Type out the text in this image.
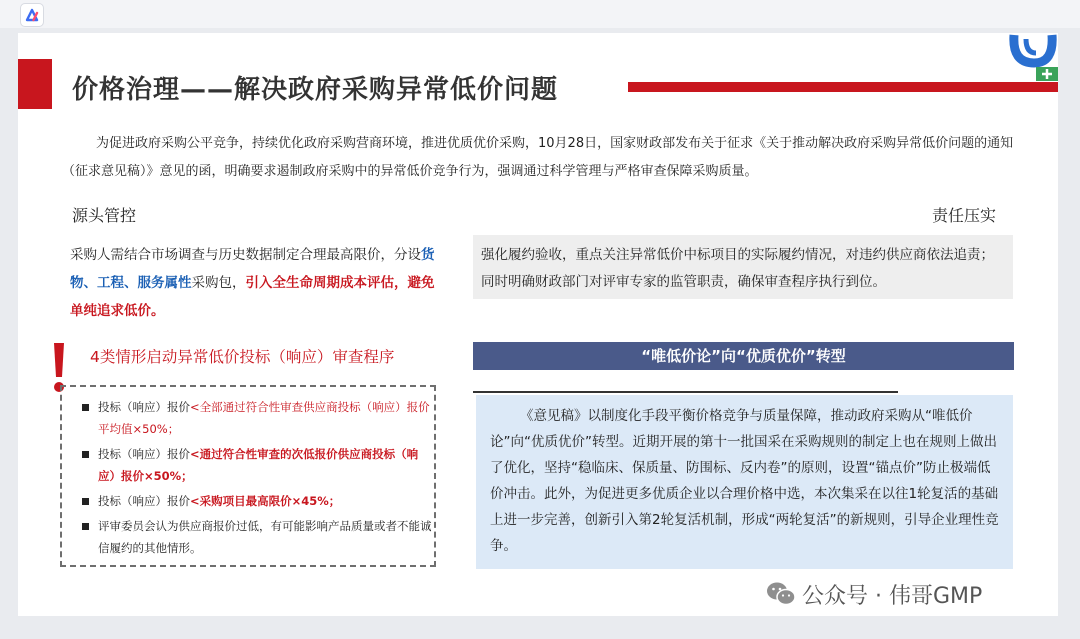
价格治理——解决政府采购异常低价问题
为促进政府采购公平竞争，持续优化政府采购营商环境，推进优质优价采购，10月28日，国家财政部发布关于征求《关于推动解决政府采购异常低价问题的通知（征求意见稿）》意见的函，明确要求遏制政府采购中的异常低价竞争行为，强调通过科学管理与严格审查保障采购质量。
源头管控	责任压实
采购人需结合市场调查与历史数据制定合理最高限价，分设货物、工程、服务属性采购包，引入全生命周期成本评估，避免单纯追求低价。
强化履约验收，重点关注异常低价中标项目的实际履约情况，对违约供应商依法追责；同时明确财政部门对评审专家的监管职责，确保审查程序执行到位。
4类情形启动异常低价投标（响应）审查程序
投标（响应）报价<全部通过符合性审查供应商投标（响应）报价平均值×50%；
投标（响应）报价<通过符合性审查的次低报价供应商投标（响应）报价×50%；
投标（响应）报价<采购项目最高限价×45%；
评审委员会认为供应商报价过低，有可能影响产品质量或者不能诚信履约的其他情形。
“唯低价论”向“优质优价”转型
《意见稿》以制度化手段平衡价格竞争与质量保障，推动政府采购从“唯低价论”向“优质优价”转型。近期开展的第十一批国采在采购规则的制定上也在规则上做出了优化，坚持“稳临床、保质量、防围标、反内卷”的原则，设置“锚点价”防止极端低价冲击。此外，为促进更多优质企业以合理价格中选，本次集采在以往1轮复活的基础上进一步完善，创新引入第2轮复活机制，形成“两轮复活”的新规则，引导企业理性竞争。
公众号 · 伟哥GMP
